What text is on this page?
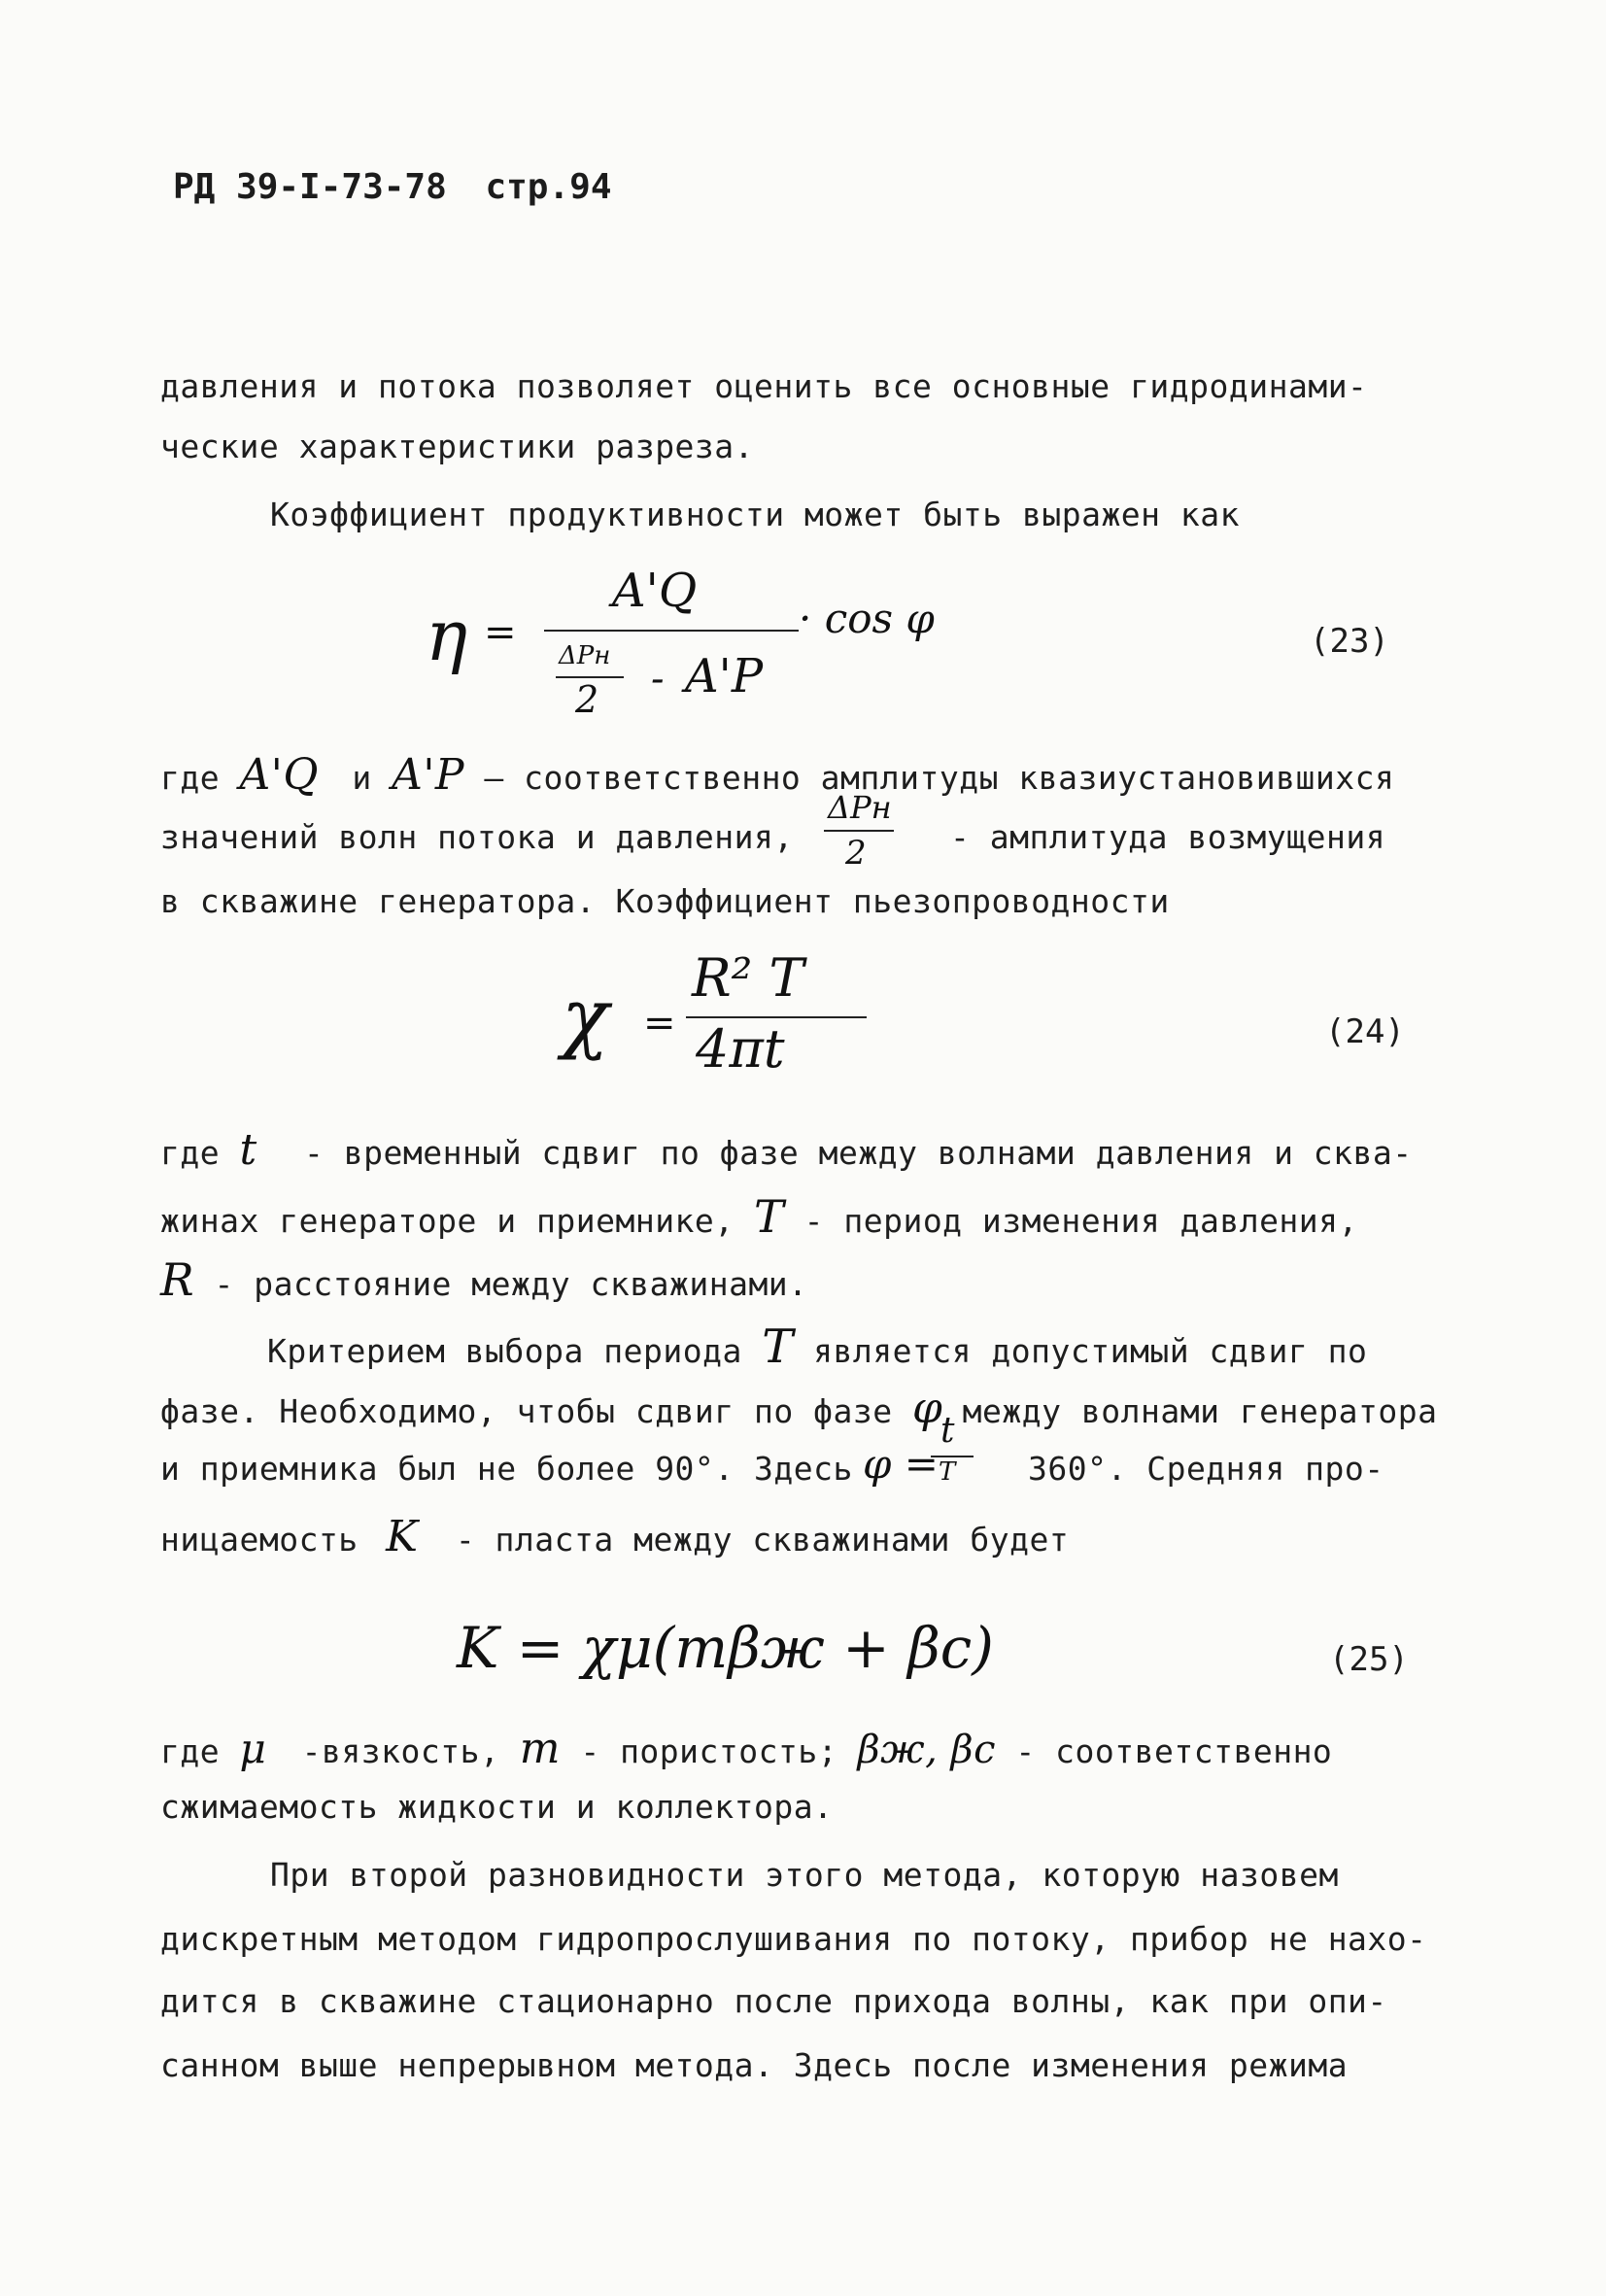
РД 39-I-73-78 стр.94
давления и потока позволяет оценить все основные гидродинами-
ческие характеристики разреза.
Коэффициент продуктивности может быть выражен как
η =
A'Q
ΔPн
2 - A'P
· cos φ	(23)
где A'Q и A'P – соответственно амплитуды квазиустановившихся
значений волн потока и давления,
ΔPн
2	- амплитуда возмущения
в скважине генератора. Коэффициент пьезопроводности
χ =
R² T
4πt	(24)
где t - временный сдвиг по фазе между волнами давления и сква-
жинах генераторе и приемнике, T - период изменения давления,
R - расстояние между скважинами.
Критерием выбора периода T является допустимый сдвиг по
фазе. Необходимо, чтобы сдвиг по фазе φ между волнами генератора
и приемника был не более 90°. Здесь φ =
t
T 360°. Средняя про-
ницаемость K - пласта между скважинами будет
K = χμ(mβж + βс)	(25)
где μ -вязкость, m - пористость; βж, βс - соответственно
сжимаемость жидкости и коллектора.
При второй разновидности этого метода, которую назовем
дискретным методом гидропрослушивания по потоку, прибор не нахо-
дится в скважине стационарно после прихода волны, как при опи-
санном выше непрерывном метода. Здесь после изменения режима
